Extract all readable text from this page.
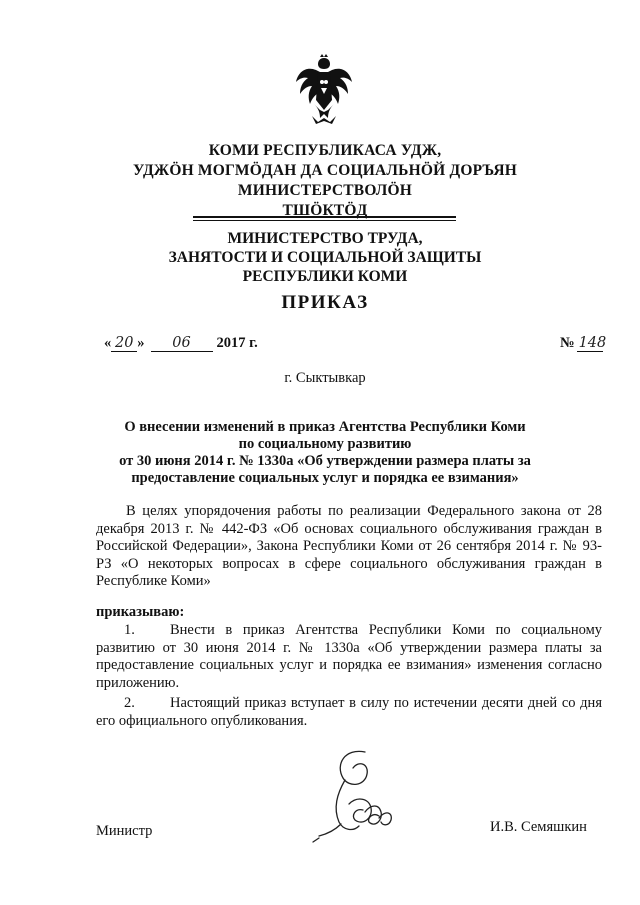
КОМИ РЕСПУБЛИКАСА УДЖ,
УДЖÖН МОГМÖДАН ДА СОЦИАЛЬНÖЙ ДОРЪЯН
МИНИСТЕРСТВОЛÖН
ТШÖКТÖД
МИНИСТЕРСТВО ТРУДА,
ЗАНЯТОСТИ И СОЦИАЛЬНОЙ ЗАЩИТЫ
РЕСПУБЛИКИ КОМИ
ПРИКАЗ
« 20 » 06 2017 г.	№ 148
г. Сыктывкар
О внесении изменений в приказ Агентства Республики Коми
по социальному развитию
от 30 июня 2014 г. № 1330а «Об утверждении размера платы за
предоставление социальных услуг и порядка ее взимания»
В целях упорядочения работы по реализации Федерального закона от 28 декабря 2013 г. № 442-ФЗ «Об основах социального обслуживания граждан в Российской Федерации», Закона Республики Коми от 26 сентября 2014 г. № 93-РЗ «О некоторых вопросах в сфере социального обслуживания граждан в Республике Коми»
приказываю:
1. Внести в приказ Агентства Республики Коми по социальному развитию от 30 июня 2014 г. № 1330а «Об утверждении размера платы за предоставление социальных услуг и порядка ее взимания» изменения согласно приложению.
2. Настоящий приказ вступает в силу по истечении десяти дней со дня его официального опубликования.
Министр	И.В. Семяшкин
